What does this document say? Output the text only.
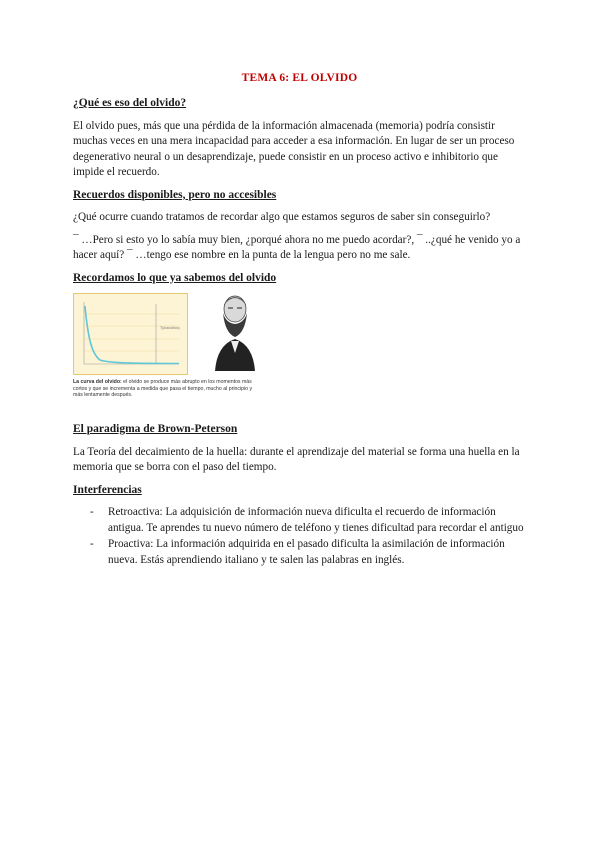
TEMA 6: EL OLVIDO
¿Qué es eso del olvido?
El olvido pues, más que una pérdida de la información almacenada (memoria) podría consistir muchas veces en una mera incapacidad para acceder a esa información. En lugar de ser un proceso degenerativo neural o un desaprendizaje, puede consistir en un proceso activo e inhibitorio que impide el recuerdo.
Recuerdos disponibles, pero no accesibles
¿Qué ocurre cuando tratamos de recordar algo que estamos seguros de saber sin conseguirlo?
¯ …Pero si esto yo lo sabía muy bien, ¿porqué ahora no me puedo acordar?, ¯ ..¿qué he venido yo a hacer aquí? ¯ …tengo ese nombre en la punta de la lengua pero no me sale.
Recordamos lo que ya sabemos del olvido
T(días/años)
La curva del olvido: el olvido se produce más abrupto en los momentos más cortos y que se incrementa a medida que pasa el tiempo, mucho al principio y más lentamente después.
El paradigma de Brown-Peterson
La Teoría del decaimiento de la huella: durante el aprendizaje del material se forma una huella en la memoria que se borra con el paso del tiempo.
Interferencias
- Retroactiva: La adquisición de información nueva dificulta el recuerdo de información antigua. Te aprendes tu nuevo número de teléfono y tienes dificultad para recordar el antiguo
- Proactiva: La información adquirida en el pasado dificulta la asimilación de información nueva. Estás aprendiendo italiano y te salen las palabras en inglés.
